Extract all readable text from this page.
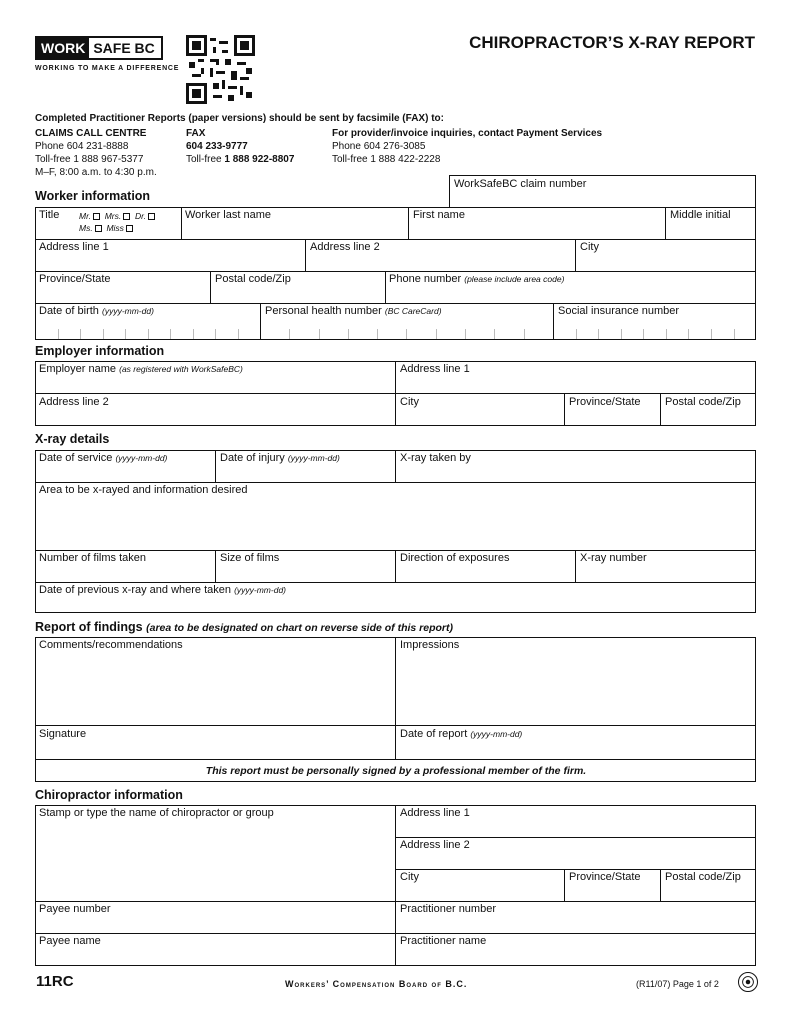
WORK SAFE BC
WORKING TO MAKE A DIFFERENCE
CHIROPRACTOR’S X-RAY REPORT
Completed Practitioner Reports (paper versions) should be sent by facsimile (FAX) to:
CLAIMS CALL CENTRE
Phone 604 231-8888
Toll-free 1 888 967-5377
M–F, 8:00 a.m. to 4:30 p.m.
FAX
604 233-9777
Toll-free 1 888 922-8807
For provider/invoice inquiries, contact Payment Services
Phone 604 276-3085
Toll-free 1 888 422-2228
Worker information
WorkSafeBC claim number
Title Mr. Mrs. Dr.
Ms. Miss
Worker last name	First name	Middle initial
Address line 1	Address line 2	City
Province/State	Postal code/Zip	Phone number (please include area code)
Date of birth (yyyy-mm-dd)	Personal health number (BC CareCard)	Social insurance number
Employer information
Employer name (as registered with WorkSafeBC)	Address line 1
Address line 2	City	Province/State Postal code/Zip
X-ray details
Date of service (yyyy-mm-dd)	Date of injury (yyyy-mm-dd)	X-ray taken by
Area to be x-rayed and information desired
Number of films taken	Size of films	Direction of exposures	X-ray number
Date of previous x-ray and where taken (yyyy-mm-dd)
Report of findings (area to be designated on chart on reverse side of this report)
Comments/recommendations	Impressions
Signature	Date of report (yyyy-mm-dd)
This report must be personally signed by a professional member of the firm.
Chiropractor information
Stamp or type the name of chiropractor or group	Address line 1
Address line 2
City	Province/State Postal code/Zip
Payee number	Practitioner number
Payee name	Practitioner name
11RC	Workers’ Compensation Board of B.C.	(R11/07) Page 1 of 2
